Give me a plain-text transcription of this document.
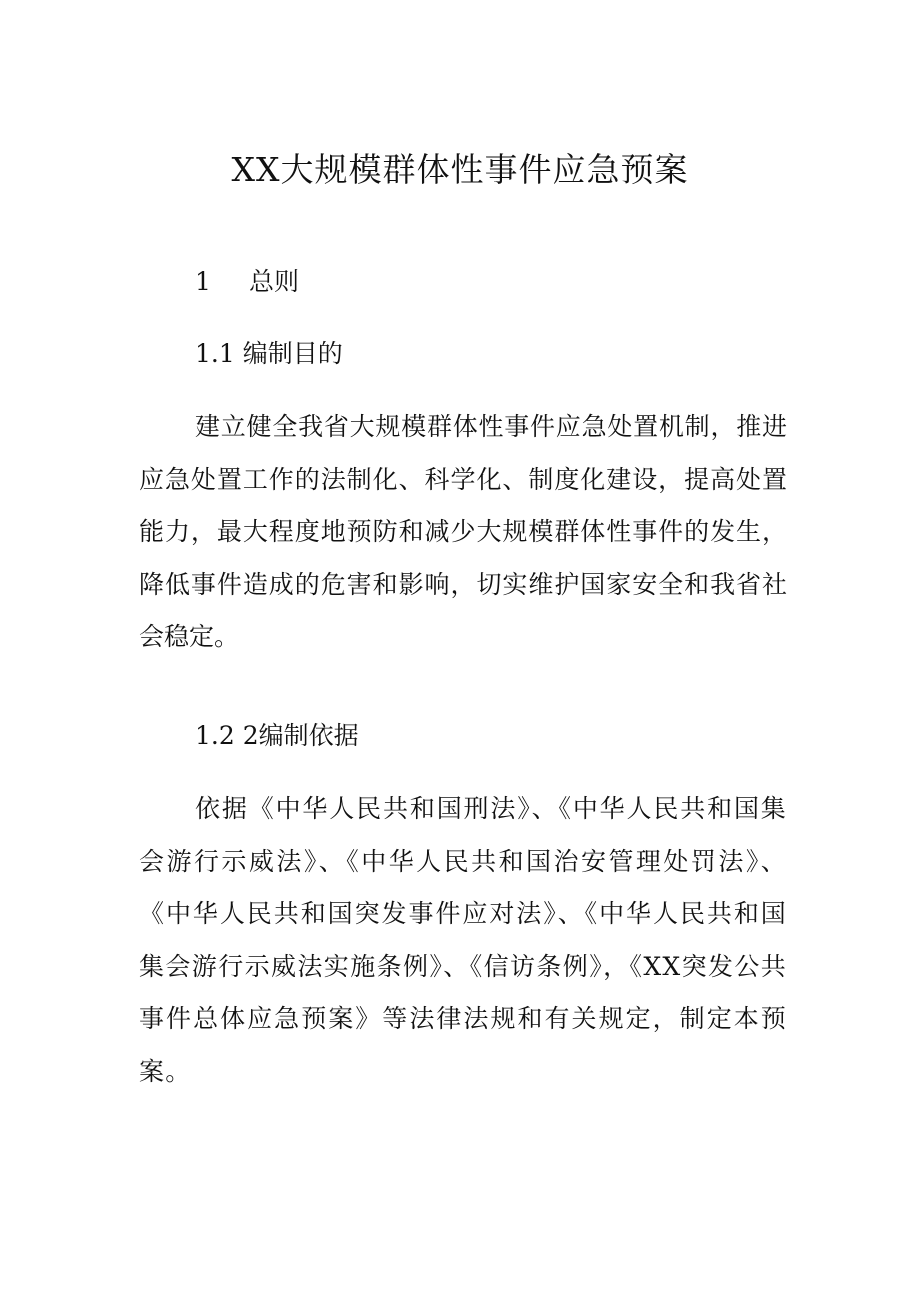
XX大规模群体性事件应急预案
1 总则
1.1 编制目的

建立健全我省大规模群体性事件应急处置机制，推进应急处置工作的法制化、科学化、制度化建设，提高处置能力，最大程度地预防和减少大规模群体性事件的发生，降低事件造成的危害和影响，切实维护国家安全和我省社会稳定。

1.2 2编制依据

依据《中华人民共和国刑法》、《中华人民共和国集会游行示威法》、《中华人民共和国治安管理处罚法》、《中华人民共和国突发事件应对法》、《中华人民共和国集会游行示威法实施条例》、《信访条例》，《XX突发公共事件总体应急预案》等法律法规和有关规定，制定本预案。
